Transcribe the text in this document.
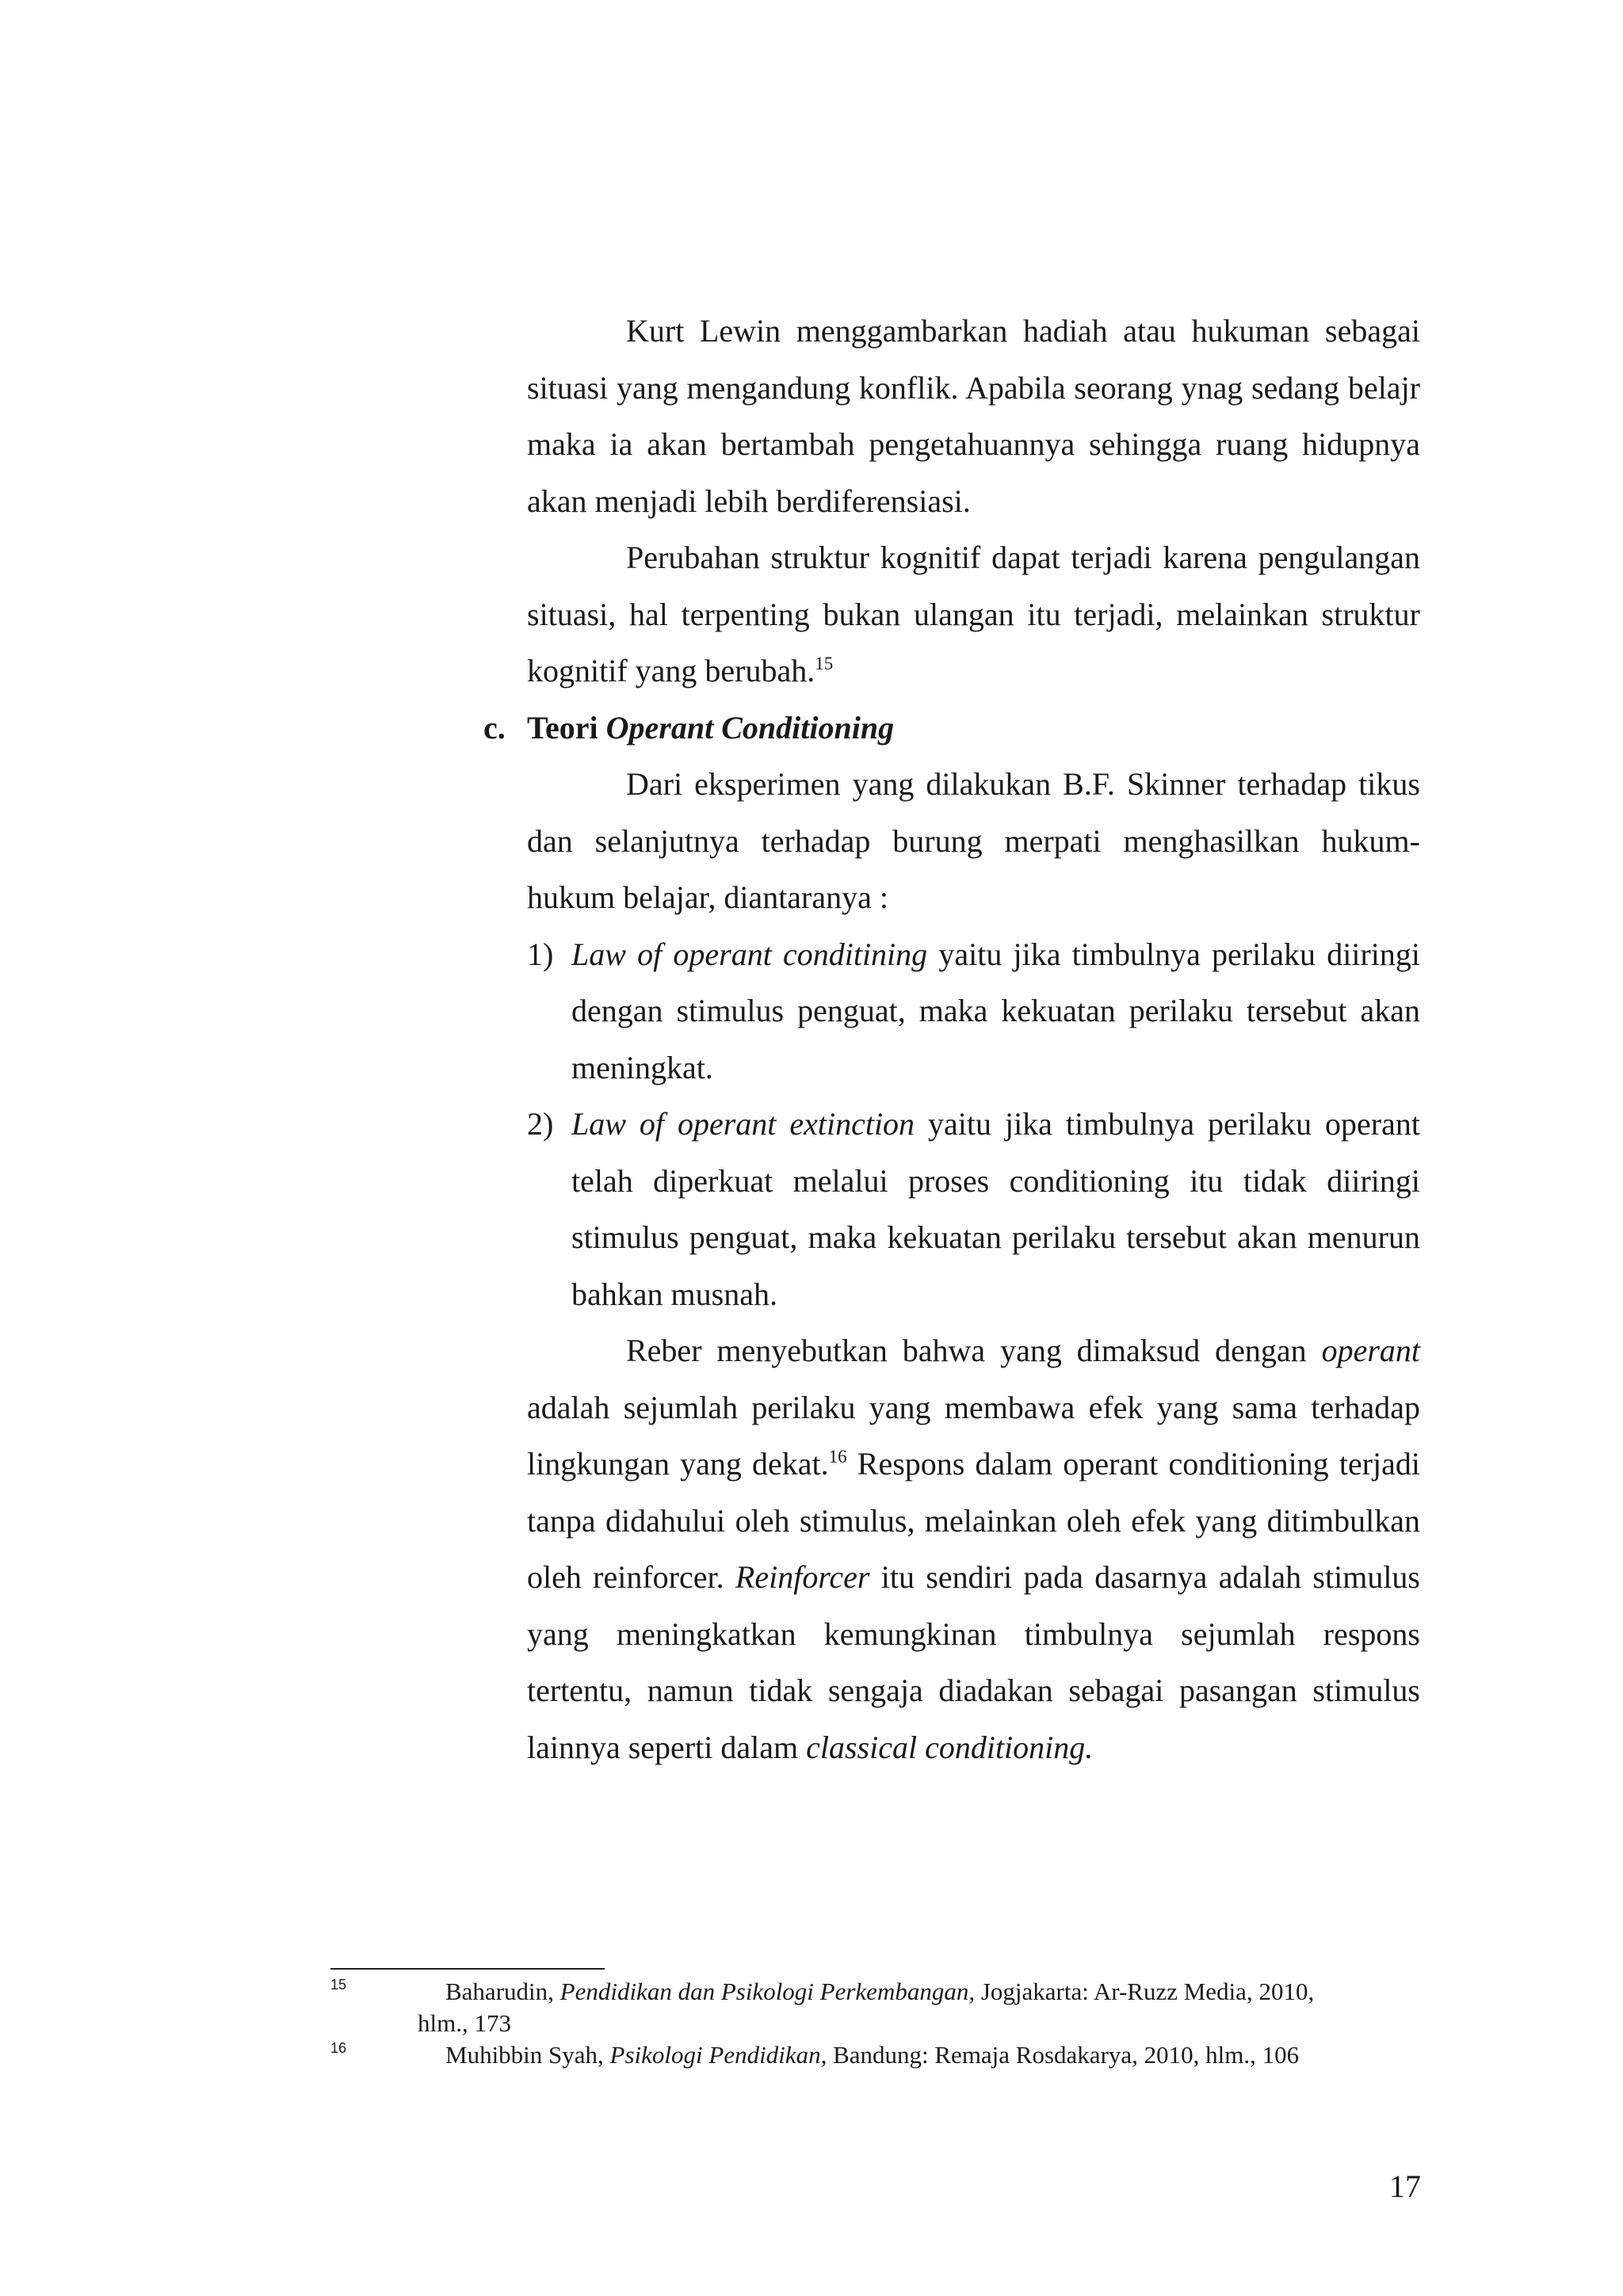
Kurt Lewin menggambarkan hadiah atau hukuman sebagai situasi yang mengandung konflik. Apabila seorang ynag sedang belajr maka ia akan bertambah pengetahuannya sehingga ruang hidupnya akan menjadi lebih berdiferensiasi.

Perubahan struktur kognitif dapat terjadi karena pengulangan situasi, hal terpenting bukan ulangan itu terjadi, melainkan struktur kognitif yang berubah.$^{15}$

c. Teori Operant Conditioning

Dari eksperimen yang dilakukan B.F. Skinner terhadap tikus dan selanjutnya terhadap burung merpati menghasilkan hukum-hukum belajar, diantaranya :

1) Law of operant conditining yaitu jika timbulnya perilaku diiringi dengan stimulus penguat, maka kekuatan perilaku tersebut akan meningkat.
2) Law of operant extinction yaitu jika timbulnya perilaku operant telah diperkuat melalui proses conditioning itu tidak diiringi stimulus penguat, maka kekuatan perilaku tersebut akan menurun bahkan musnah.

Reber menyebutkan bahwa yang dimaksud dengan operant adalah sejumlah perilaku yang membawa efek yang sama terhadap lingkungan yang dekat.$^{16}$ Respons dalam operant conditioning terjadi tanpa didahului oleh stimulus, melainkan oleh efek yang ditimbulkan oleh reinforcer. Reinforcer itu sendiri pada dasarnya adalah stimulus yang meningkatkan kemungkinan timbulnya sejumlah respons tertentu, namun tidak sengaja diadakan sebagai pasangan stimulus lainnya seperti dalam classical conditioning.

15	Baharudin, Pendidikan dan Psikologi Perkembangan, Jogjakarta: Ar-Ruzz Media, 2010,
hlm., 173
16	Muhibbin Syah, Psikologi Pendidikan, Bandung: Remaja Rosdakarya, 2010, hlm., 106
17
